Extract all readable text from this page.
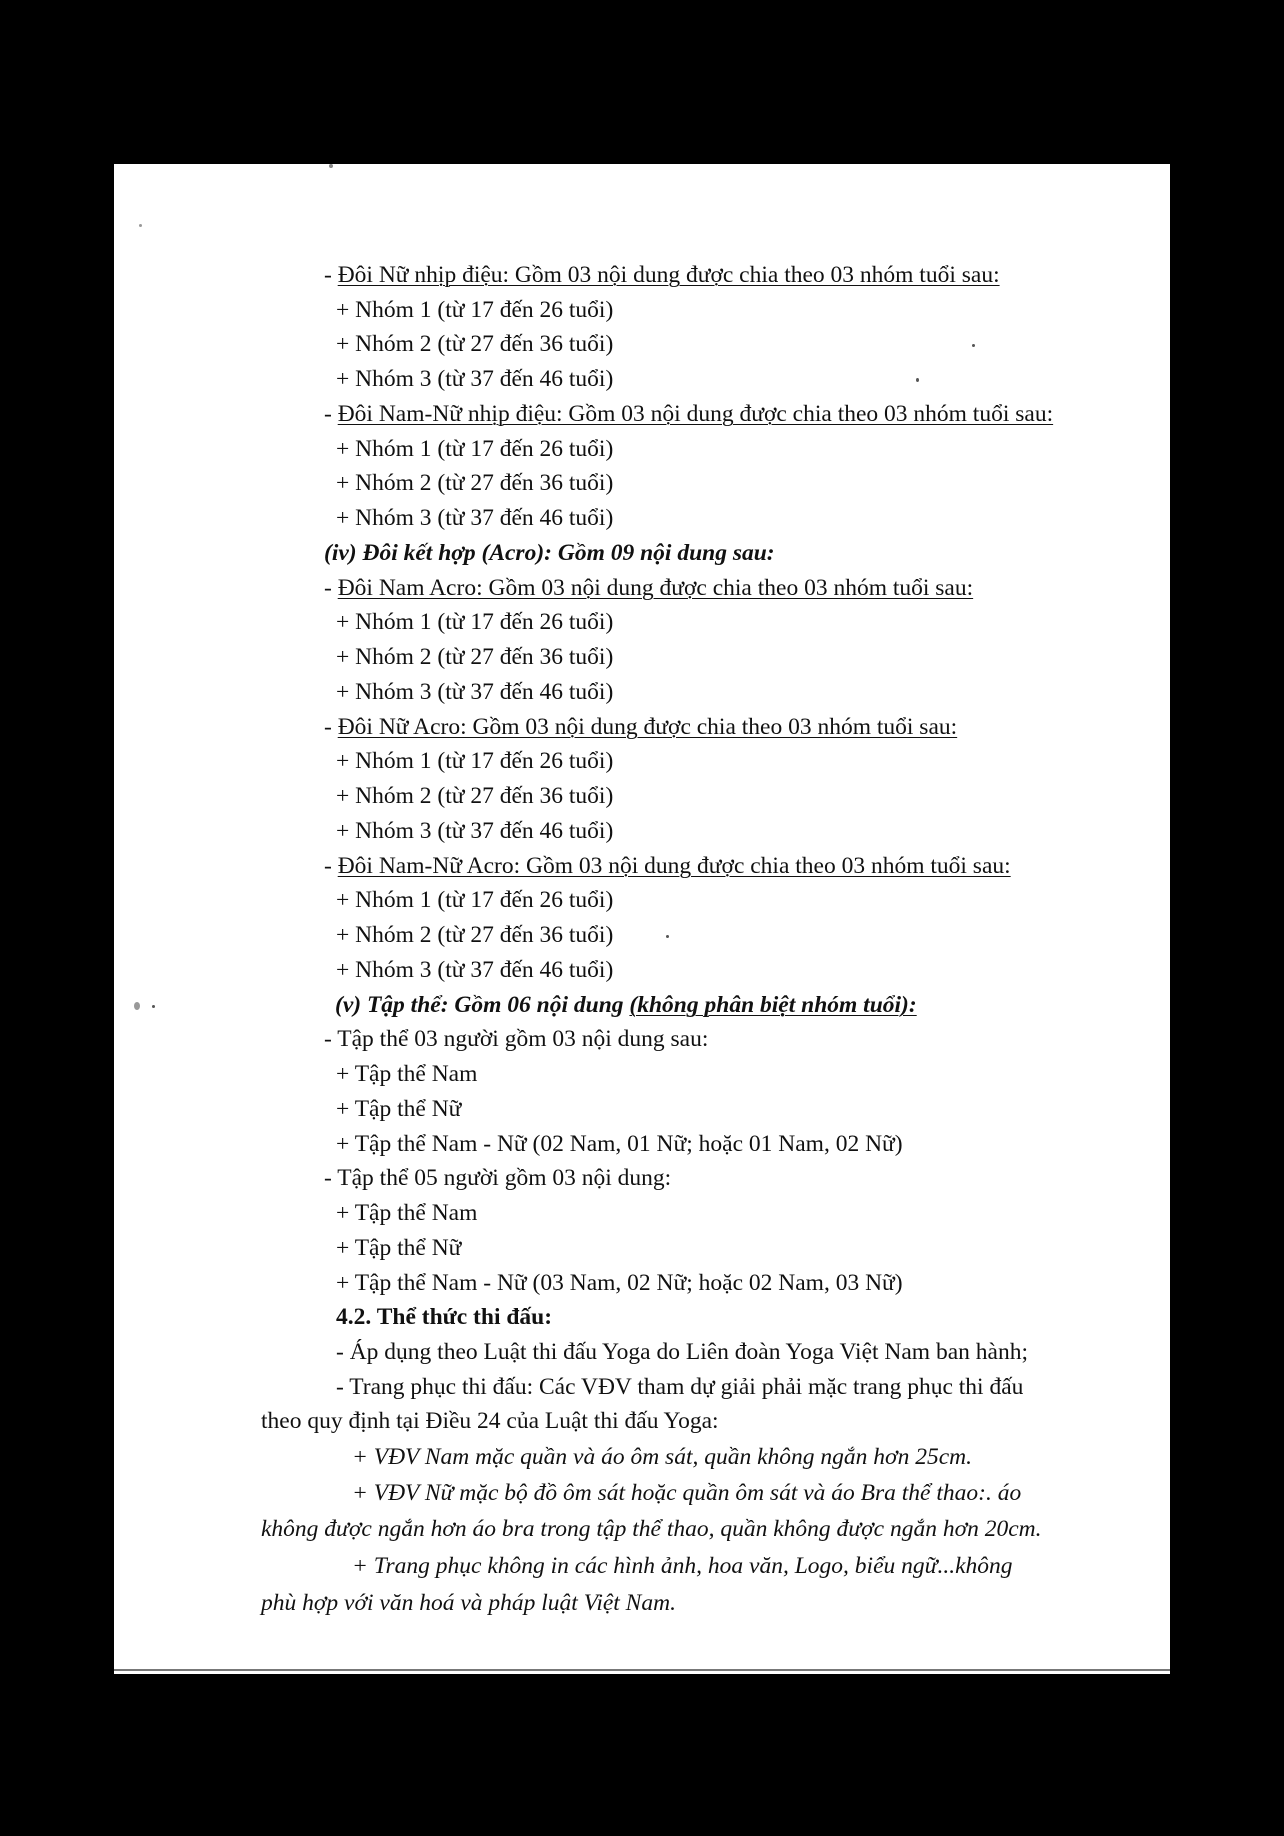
- Đôi Nữ nhịp điệu: Gồm 03 nội dung được chia theo 03 nhóm tuổi sau:
+ Nhóm 1 (từ 17 đến 26 tuổi)
+ Nhóm 2 (từ 27 đến 36 tuổi)
+ Nhóm 3 (từ 37 đến 46 tuổi)
- Đôi Nam-Nữ nhịp điệu: Gồm 03 nội dung được chia theo 03 nhóm tuổi sau:
+ Nhóm 1 (từ 17 đến 26 tuổi)
+ Nhóm 2 (từ 27 đến 36 tuổi)
+ Nhóm 3 (từ 37 đến 46 tuổi)
(iv) Đôi kết hợp (Acro): Gồm 09 nội dung sau:
- Đôi Nam Acro: Gồm 03 nội dung được chia theo 03 nhóm tuổi sau:
+ Nhóm 1 (từ 17 đến 26 tuổi)
+ Nhóm 2 (từ 27 đến 36 tuổi)
+ Nhóm 3 (từ 37 đến 46 tuổi)
- Đôi Nữ Acro: Gồm 03 nội dung được chia theo 03 nhóm tuổi sau:
+ Nhóm 1 (từ 17 đến 26 tuổi)
+ Nhóm 2 (từ 27 đến 36 tuổi)
+ Nhóm 3 (từ 37 đến 46 tuổi)
- Đôi Nam-Nữ Acro: Gồm 03 nội dung được chia theo 03 nhóm tuổi sau:
+ Nhóm 1 (từ 17 đến 26 tuổi)
+ Nhóm 2 (từ 27 đến 36 tuổi)
+ Nhóm 3 (từ 37 đến 46 tuổi)
(v) Tập thể: Gồm 06 nội dung (không phân biệt nhóm tuổi):
- Tập thể 03 người gồm 03 nội dung sau:
+ Tập thể Nam
+ Tập thể Nữ
+ Tập thể Nam - Nữ (02 Nam, 01 Nữ; hoặc 01 Nam, 02 Nữ)
- Tập thể 05 người gồm 03 nội dung:
+ Tập thể Nam
+ Tập thể Nữ
+ Tập thể Nam - Nữ (03 Nam, 02 Nữ; hoặc 02 Nam, 03 Nữ)
4.2. Thể thức thi đấu:
- Áp dụng theo Luật thi đấu Yoga do Liên đoàn Yoga Việt Nam ban hành;
- Trang phục thi đấu: Các VĐV tham dự giải phải mặc trang phục thi đấu
theo quy định tại Điều 24 của Luật thi đấu Yoga:
+ VĐV Nam mặc quần và áo ôm sát, quần không ngắn hơn 25cm.
+ VĐV Nữ mặc bộ đồ ôm sát hoặc quần ôm sát và áo Bra thể thao:. áo
không được ngắn hơn áo bra trong tập thể thao, quần không được ngắn hơn 20cm.
+ Trang phục không in các hình ảnh, hoa văn, Logo, biểu ngữ...không
phù hợp với văn hoá và pháp luật Việt Nam.
